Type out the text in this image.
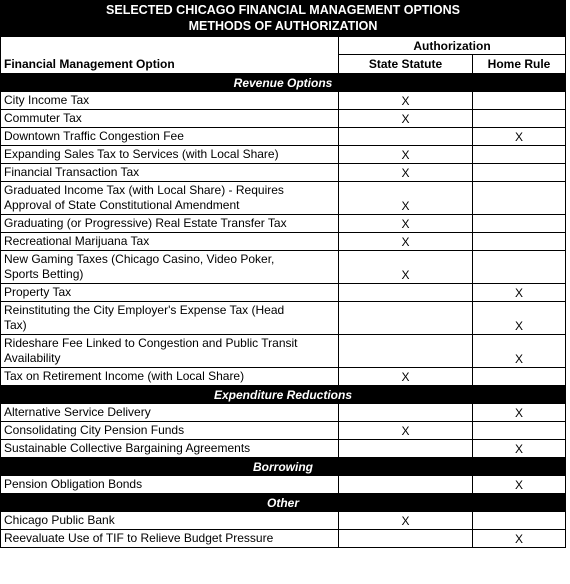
SELECTED CHICAGO FINANCIAL MANAGEMENT OPTIONS
METHODS OF AUTHORIZATION		

	Authorization	
Financial Management Option	State Statute	Home Rule
Revenue Options		

City Income Tax	X	

Commuter Tax	X	

Downtown Traffic Congestion Fee		X

Expanding Sales Tax to Services (with Local Share)	X	

Financial Transaction Tax	X	

Graduated Income Tax (with Local Share) - Requires
Approval of State Constitutional Amendment	X	

Graduating (or Progressive) Real Estate Transfer Tax	X	

Recreational Marijuana Tax	X	

New Gaming Taxes (Chicago Casino, Video Poker,
Sports Betting)	X	

Property Tax		X

Reinstituting the City Employer's Expense Tax (Head
Tax)		X

Rideshare Fee Linked to Congestion and Public Transit
Availability		X

Tax on Retirement Income (with Local Share)	X	
Expenditure Reductions		

Alternative Service Delivery		X

Consolidating City Pension Funds	X	

Sustainable Collective Bargaining Agreements		X
Borrowing		

Pension Obligation Bonds		X
Other		

Chicago Public Bank	X	

Reevaluate Use of TIF to Relieve Budget Pressure		X
